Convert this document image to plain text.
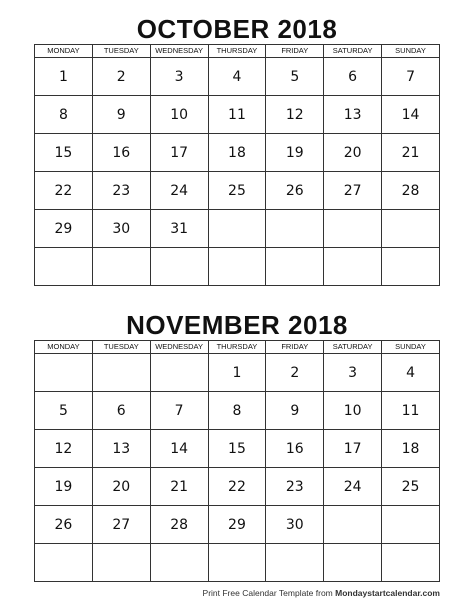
OCTOBER 2018
MONDAY	TUESDAY	WEDNESDAY	THURSDAY	FRIDAY	SATURDAY	SUNDAY
1	2	3	4	5	6	7
8	9	10	11	12	13	14
15	16	17	18	19	20	21
22	23	24	25	26	27	28
29	30	31				

NOVEMBER 2018
MONDAY	TUESDAY	WEDNESDAY	THURSDAY	FRIDAY	SATURDAY	SUNDAY
			1	2	3	4
5	6	7	8	9	10	11
12	13	14	15	16	17	18
19	20	21	22	23	24	25
26	27	28	29	30		

Print Free Calendar Template from Mondaystartcalendar.com
